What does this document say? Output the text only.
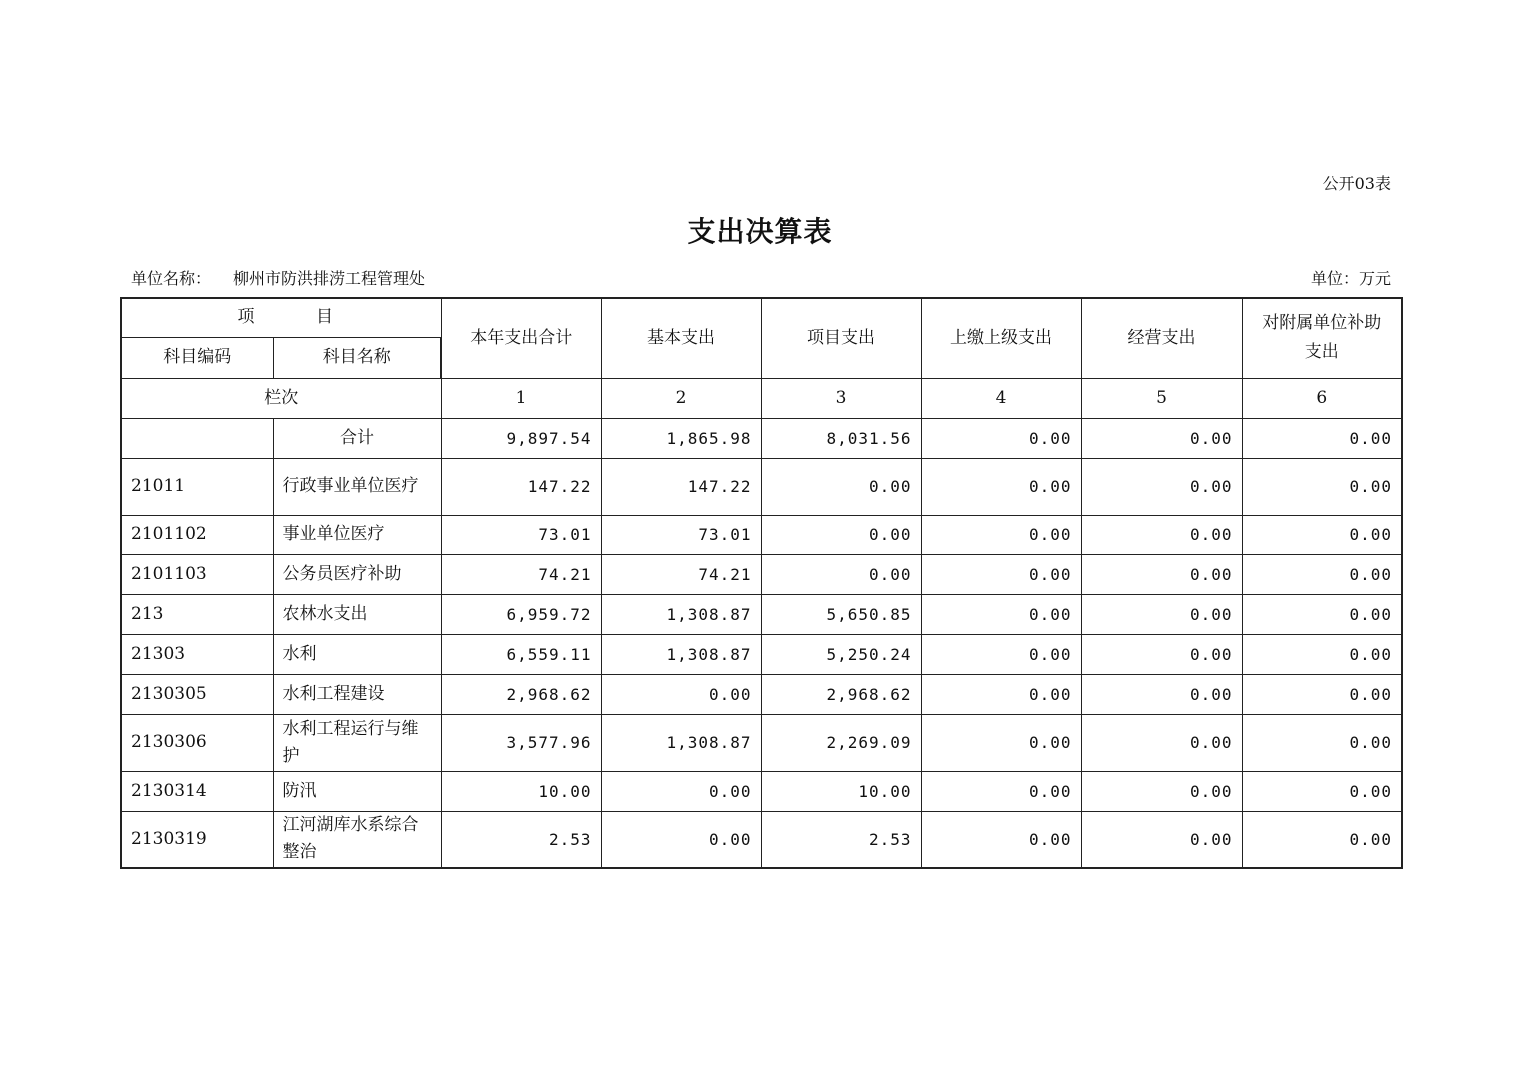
公开03表
支出决算表
单位名称： 柳州市防洪排涝工程管理处	单位：万元
项 目		本年支出合计	基本支出	项目支出	上缴上级支出	经营支出	对附属单位补助支出
科目编码	科目名称						
栏次		1	2	3	4	5	6
	合计	9,897.54	1,865.98	8,031.56	0.00	0.00	0.00
21011	行政事业单位医疗	147.22	147.22	0.00	0.00	0.00	0.00
2101102	事业单位医疗	73.01	73.01	0.00	0.00	0.00	0.00
2101103	公务员医疗补助	74.21	74.21	0.00	0.00	0.00	0.00
213	农林水支出	6,959.72	1,308.87	5,650.85	0.00	0.00	0.00
21303	水利	6,559.11	1,308.87	5,250.24	0.00	0.00	0.00
2130305	水利工程建设	2,968.62	0.00	2,968.62	0.00	0.00	0.00
2130306	水利工程运行与维护	3,577.96	1,308.87	2,269.09	0.00	0.00	0.00
2130314	防汛	10.00	0.00	10.00	0.00	0.00	0.00
2130319	江河湖库水系综合整治	2.53	0.00	2.53	0.00	0.00	0.00
